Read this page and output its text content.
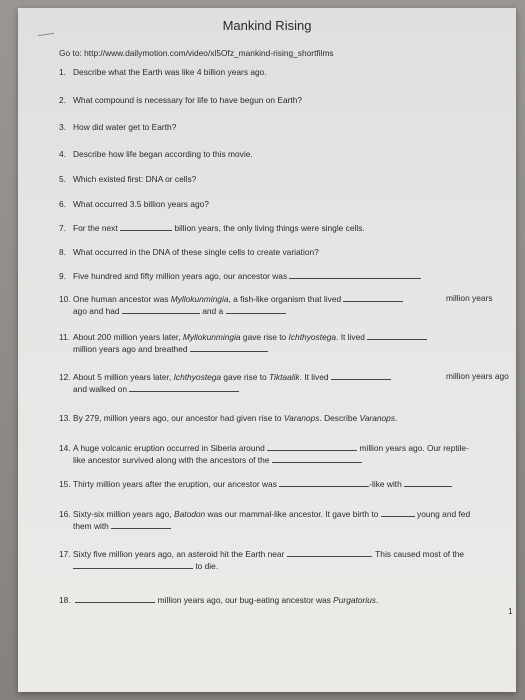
Mankind Rising
Go to: http://www.dailymotion.com/video/xl5Ofz_mankind-rising_shortfilms
1. Describe what the Earth was like 4 billion years ago.
2. What compound is necessary for life to have begun on Earth?
3. How did water get to Earth?
4. Describe how life began according to this movie.
5. Which existed first: DNA or cells?
6. What occurred 3.5 billion years ago?
7. For the next	billion years, the only living things were single cells.
8. What occurred in the DNA of these single cells to create variation?
9. Five hundred and fifty million years ago, our ancestor was
10. One human ancestor was Myllokunmingia, a fish-like organism that lived
ago and had	and a
million years
11. About 200 million years later, Myllokunmingia gave rise to Ichthyostega. It lived
million years ago and breathed
12. About 5 million years later, Ichthyostega gave rise to Tiktaalik. It lived
and walked on
million years ago
13. By 279, million years ago, our ancestor had given rise to Varanops. Describe Varanops.
14. A huge volcanic eruption occurred in Siberia around	million years ago. Our reptile-
like ancestor survived along with the ancestors of the
15. Thirty million years after the eruption, our ancestor was	-like with
16. Sixty-six million years ago, Batodon was our mammal-like ancestor. It gave birth to	young and fed
them with
17. Sixty five million years ago, an asteroid hit the Earth near	. This caused most of the
to die.
18.	million years ago, our bug-eating ancestor was Purgatorius.
1
